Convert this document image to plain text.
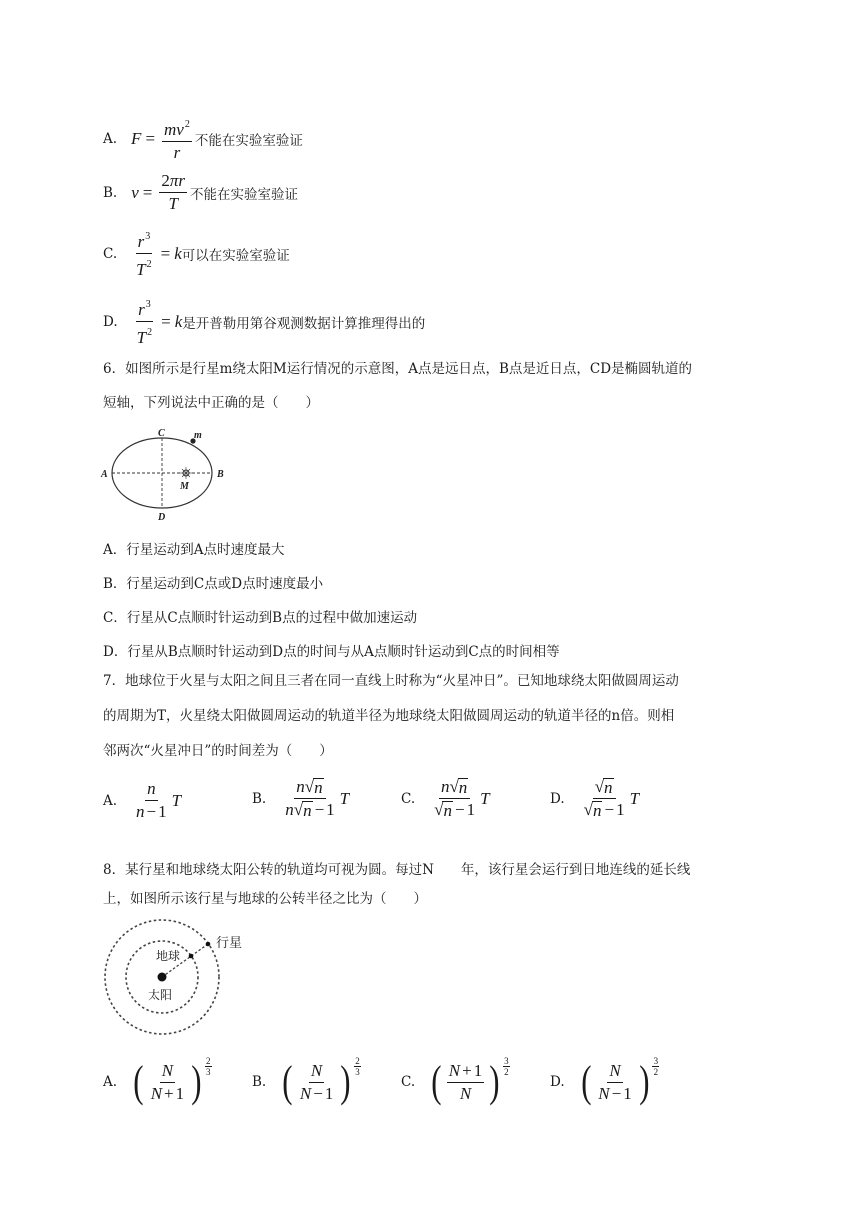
A. $F = \frac{mv^2}{r}$ 不能在实验室验证
B. $v = \frac{2\pi r}{T}$ 不能在实验室验证
C. $\frac{r^3}{T^2} = k$ 可以在实验室验证
D. $\frac{r^3}{T^2} = k$ 是开普勒用第谷观测数据计算推理得出的
6．如图所示是行星m绕太阳M运行情况的示意图，A点是远日点，B点是近日点，CD是椭圆轨道的
短轴，下列说法中正确的是（　　）
C
D
A	B
m
M
A．行星运动到A点时速度最大
B．行星运动到C点或D点时速度最小
C．行星从C点顺时针运动到B点的过程中做加速运动
D．行星从B点顺时针运动到D点的时间与从A点顺时针运动到C点的时间相等
7．地球位于火星与太阳之间且三者在同一直线上时称为“火星冲日”。已知地球绕太阳做圆周运动
的周期为T，火星绕太阳做圆周运动的轨道半径为地球绕太阳做圆周运动的轨道半径的n倍。则相
邻两次“火星冲日”的时间差为（　　）
A. $\frac{n}{n - 1}$ T	B. $\frac{n √ n}{n √ n - 1}$ T	C. $\frac{n √ n}{√ n - 1}$ T	D. $\frac{√ n}{√ n - 1}$ T
8．某行星和地球绕太阳公转的轨道均可视为圆。每过N　　年，该行星会运行到日地连线的延长线
上，如图所示该行星与地球的公转半径之比为（　　）
行星
地球
太阳
A. ( $\frac{N}{N + 1}$ ) 2
3
B. ( $\frac{N}{N - 1}$ ) 2
3
C. ( $\frac{N + 1}{N}$ ) 3
2
D. ( $\frac{N}{N - 1}$ ) 3
2
